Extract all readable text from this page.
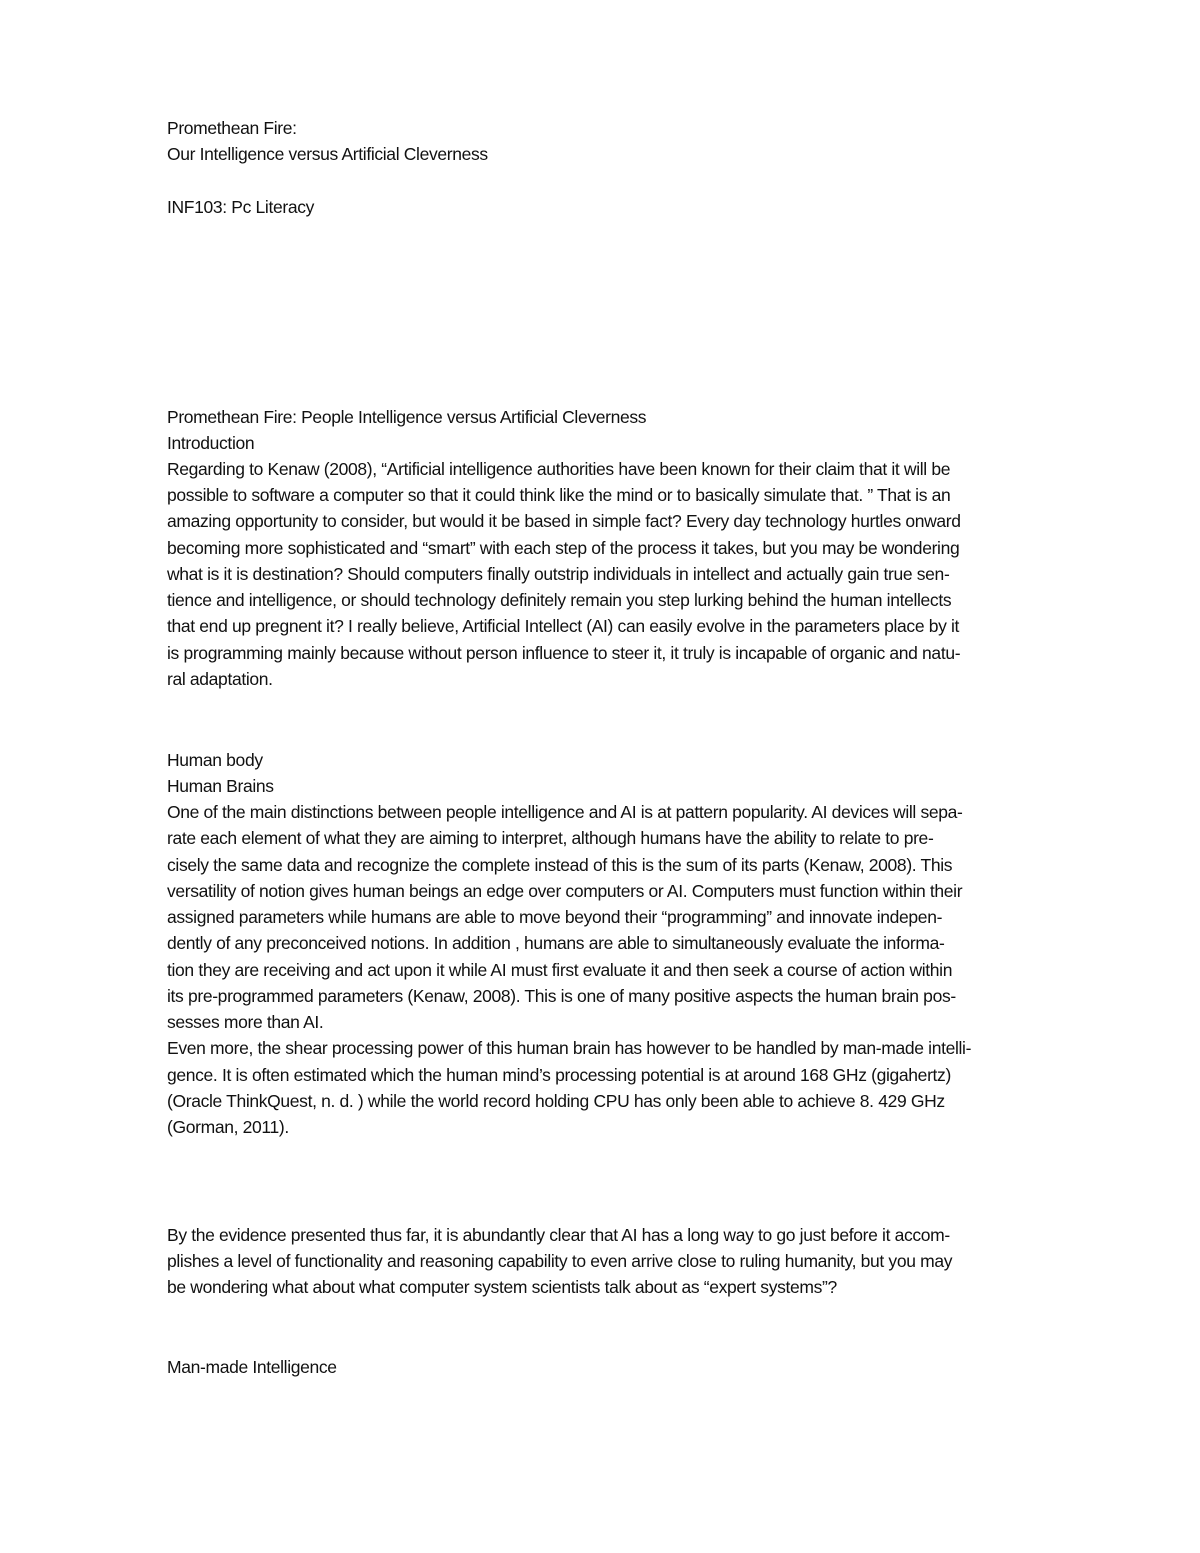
Promethean Fire:
Our Intelligence versus Artificial Cleverness
INF103: Pc Literacy
Promethean Fire: People Intelligence versus Artificial Cleverness
Introduction
Regarding to Kenaw (2008), “Artificial intelligence authorities have been known for their claim that it will be
possible to software a computer so that it could think like the mind or to basically simulate that. ” That is an
amazing opportunity to consider, but would it be based in simple fact? Every day technology hurtles onward
becoming more sophisticated and “smart” with each step of the process it takes, but you may be wondering
what is it is destination? Should computers finally outstrip individuals in intellect and actually gain true sen-
tience and intelligence, or should technology definitely remain you step lurking behind the human intellects
that end up pregnent it? I really believe, Artificial Intellect (AI) can easily evolve in the parameters place by it
is programming mainly because without person influence to steer it, it truly is incapable of organic and natu-
ral adaptation.
Human body
Human Brains
One of the main distinctions between people intelligence and AI is at pattern popularity. AI devices will sepa-
rate each element of what they are aiming to interpret, although humans have the ability to relate to pre-
cisely the same data and recognize the complete instead of this is the sum of its parts (Kenaw, 2008). This
versatility of notion gives human beings an edge over computers or AI. Computers must function within their
assigned parameters while humans are able to move beyond their “programming” and innovate indepen-
dently of any preconceived notions. In addition , humans are able to simultaneously evaluate the informa-
tion they are receiving and act upon it while AI must first evaluate it and then seek a course of action within
its pre-programmed parameters (Kenaw, 2008). This is one of many positive aspects the human brain pos-
sesses more than AI.
Even more, the shear processing power of this human brain has however to be handled by man-made intelli-
gence. It is often estimated which the human mind’s processing potential is at around 168 GHz (gigahertz)
(Oracle ThinkQuest, n. d. ) while the world record holding CPU has only been able to achieve 8. 429 GHz
(Gorman, 2011).
By the evidence presented thus far, it is abundantly clear that AI has a long way to go just before it accom-
plishes a level of functionality and reasoning capability to even arrive close to ruling humanity, but you may
be wondering what about what computer system scientists talk about as “expert systems”?
Man-made Intelligence
